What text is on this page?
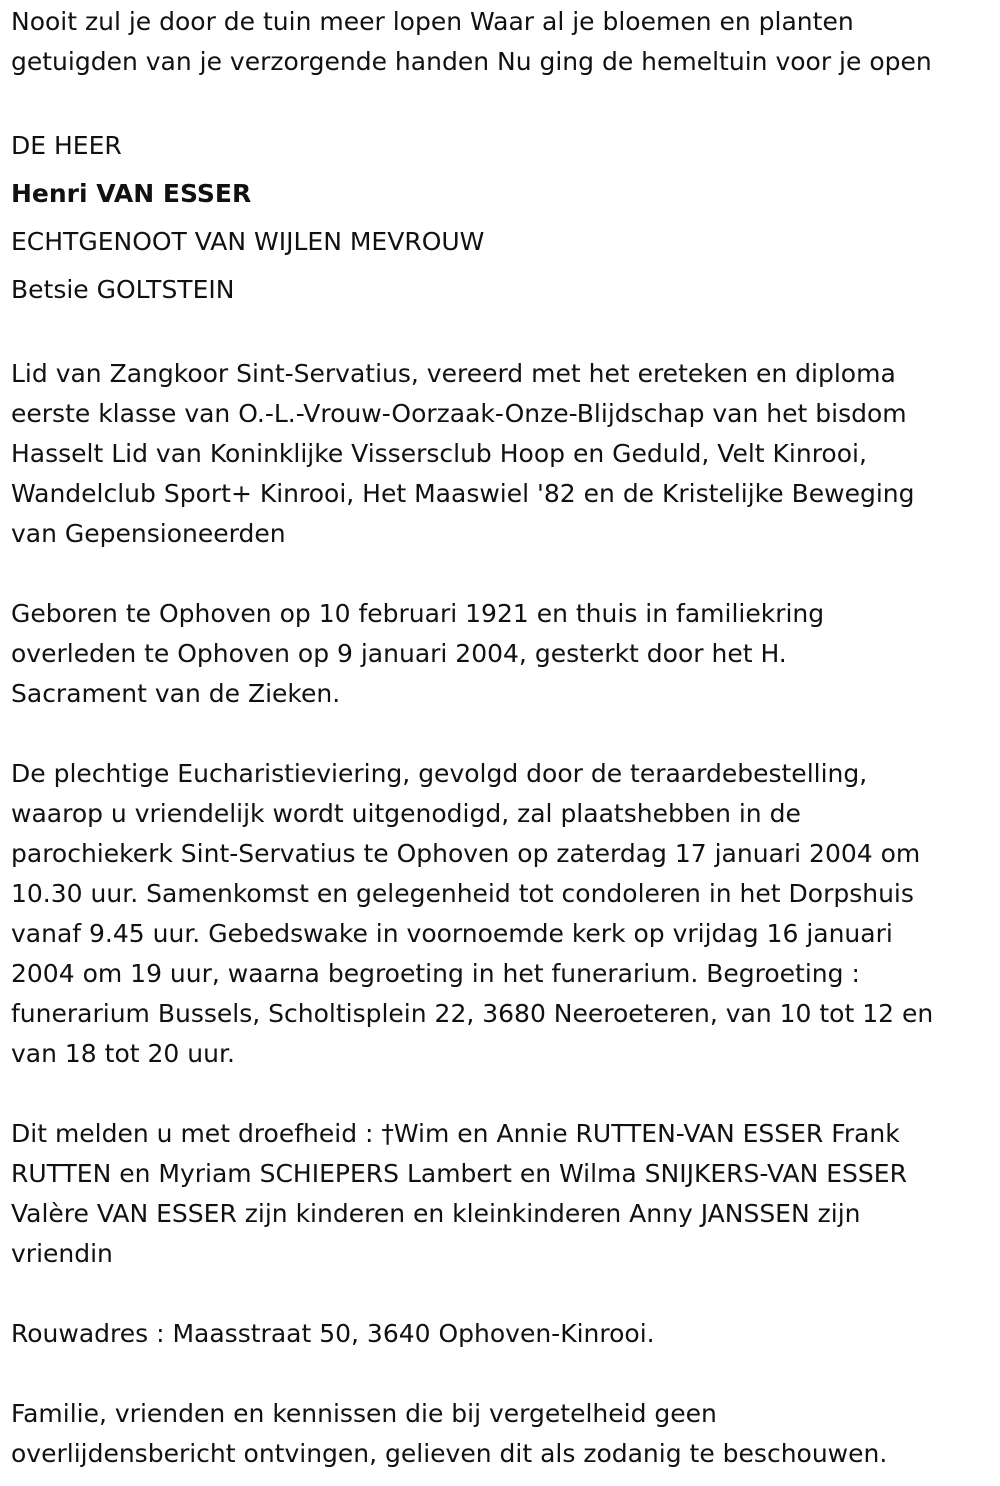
Nooit zul je door de tuin meer lopen Waar al je bloemen en planten
getuigden van je verzorgende handen Nu ging de hemeltuin voor je open
DE HEER
Henri VAN ESSER
ECHTGENOOT VAN WIJLEN MEVROUW
Betsie GOLTSTEIN
Lid van Zangkoor Sint-Servatius, vereerd met het ereteken en diploma
eerste klasse van O.-L.-Vrouw-Oorzaak-Onze-Blijdschap van het bisdom
Hasselt Lid van Koninklijke Vissersclub Hoop en Geduld, Velt Kinrooi,
Wandelclub Sport+ Kinrooi, Het Maaswiel '82 en de Kristelijke Beweging
van Gepensioneerden
Geboren te Ophoven op 10 februari 1921 en thuis in familiekring
overleden te Ophoven op 9 januari 2004, gesterkt door het H.
Sacrament van de Zieken.
De plechtige Eucharistieviering, gevolgd door de teraardebestelling,
waarop u vriendelijk wordt uitgenodigd, zal plaatshebben in de
parochiekerk Sint-Servatius te Ophoven op zaterdag 17 januari 2004 om
10.30 uur. Samenkomst en gelegenheid tot condoleren in het Dorpshuis
vanaf 9.45 uur. Gebedswake in voornoemde kerk op vrijdag 16 januari
2004 om 19 uur, waarna begroeting in het funerarium. Begroeting :
funerarium Bussels, Scholtisplein 22, 3680 Neeroeteren, van 10 tot 12 en
van 18 tot 20 uur.
Dit melden u met droefheid : †Wim en Annie RUTTEN-VAN ESSER Frank
RUTTEN en Myriam SCHIEPERS Lambert en Wilma SNIJKERS-VAN ESSER
Valère VAN ESSER zijn kinderen en kleinkinderen Anny JANSSEN zijn
vriendin
Rouwadres : Maasstraat 50, 3640 Ophoven-Kinrooi.
Familie, vrienden en kennissen die bij vergetelheid geen
overlijdensbericht ontvingen, gelieven dit als zodanig te beschouwen.
